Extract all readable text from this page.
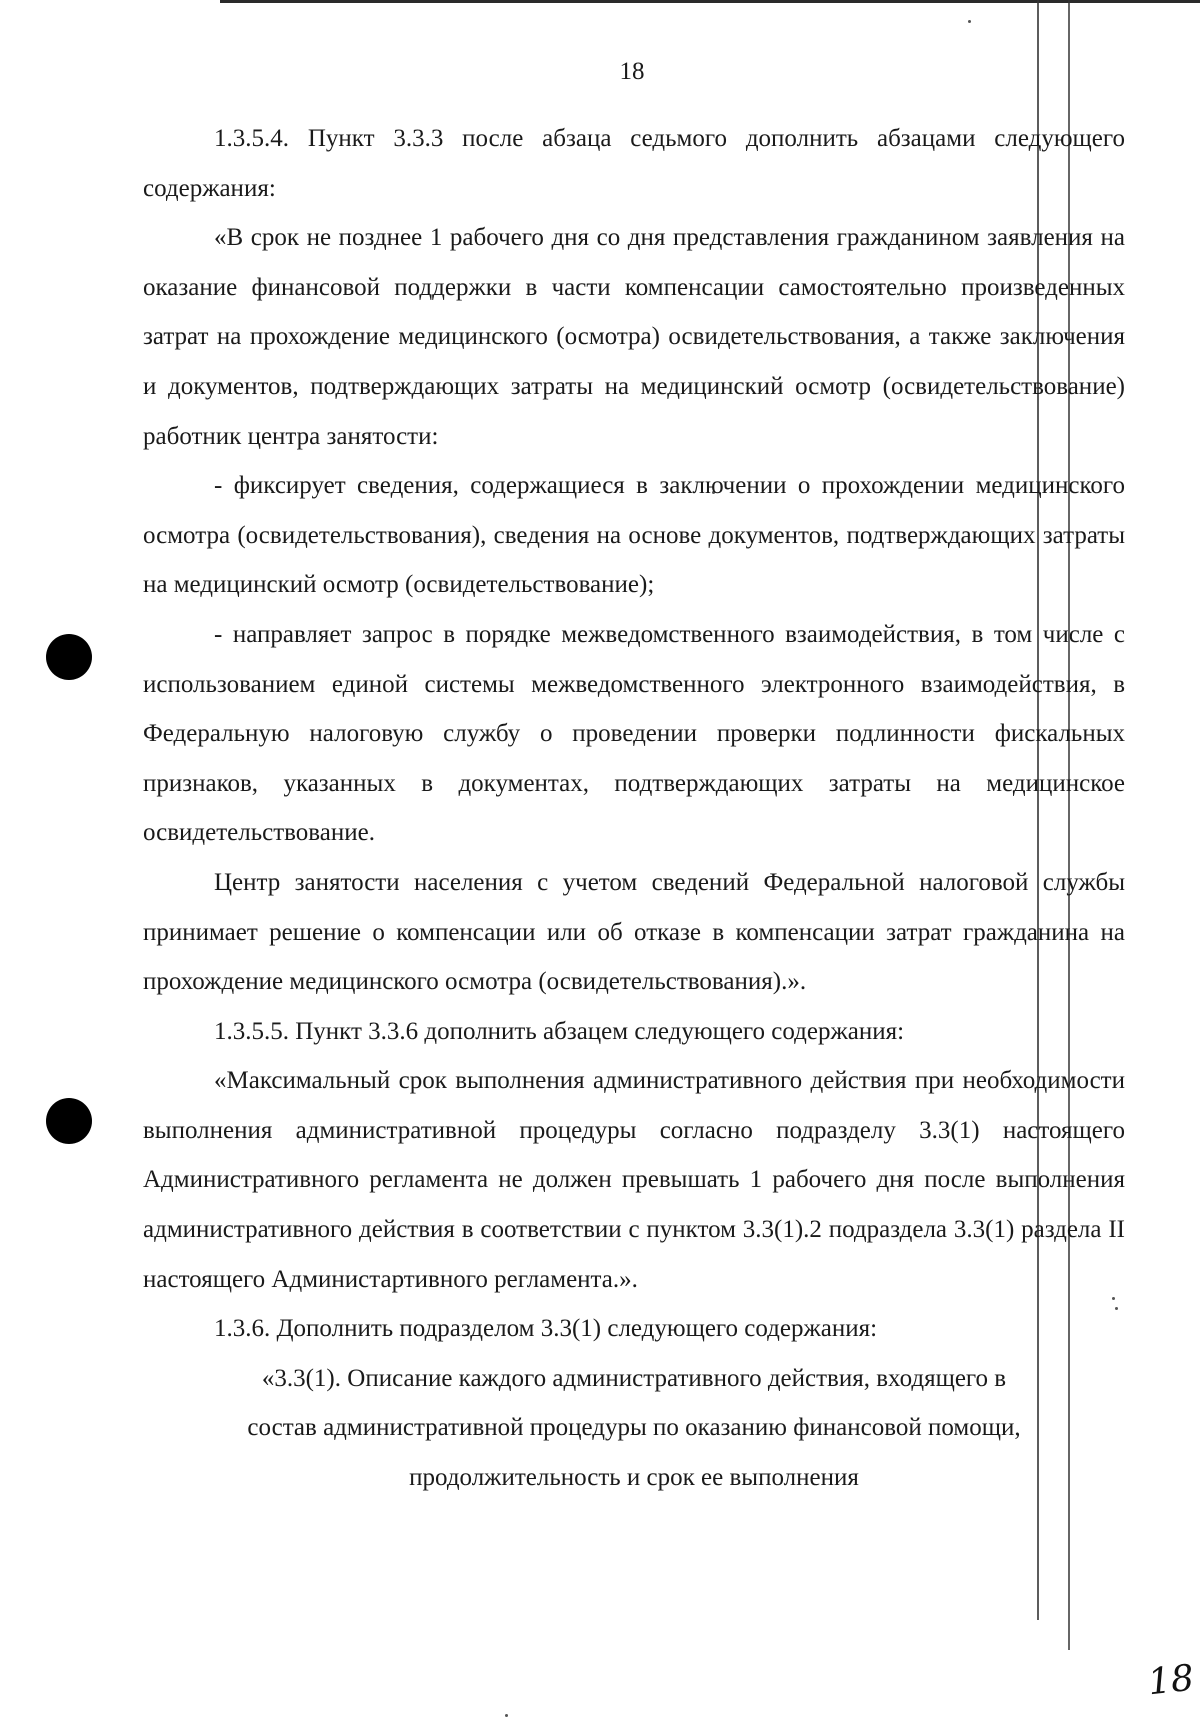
18

1.3.5.4. Пункт 3.3.3 после абзаца седьмого дополнить абзацами следующего содержания:

«В срок не позднее 1 рабочего дня со дня представления гражданином заявления на оказание финансовой поддержки в части компенсации самостоятельно произведенных затрат на прохождение медицинского (осмотра) освидетельствования, а также заключения и документов, подтверждающих затраты на медицинский осмотр (освидетельствование) работник центра занятости:

- фиксирует сведения, содержащиеся в заключении о прохождении медицинского осмотра (освидетельствования), сведения на основе документов, подтверждающих затраты на медицинский осмотр (освидетельствование);

- направляет запрос в порядке межведомственного взаимодействия, в том числе с использованием единой системы межведомственного электронного взаимодействия, в Федеральную налоговую службу о проведении проверки подлинности фискальных признаков, указанных в документах, подтверждающих затраты на медицинское освидетельствование.

Центр занятости населения с учетом сведений Федеральной налоговой службы принимает решение о компенсации или об отказе в компенсации затрат гражданина на прохождение медицинского осмотра (освидетельствования).».

1.3.5.5. Пункт 3.3.6 дополнить абзацем следующего содержания:

«Максимальный срок выполнения административного действия при необходимости выполнения административной процедуры согласно подразделу 3.3(1) настоящего Административного регламента не должен превышать 1 рабочего дня после выполнения административного действия в соответствии с пунктом 3.3(1).2 подраздела 3.3(1) раздела II настоящего Администартивного регламента.».

1.3.6. Дополнить подразделом 3.3(1) следующего содержания:

«3.3(1). Описание каждого административного действия, входящего в

состав административной процедуры по оказанию финансовой помощи,

продолжительность и срок ее выполнения

18
